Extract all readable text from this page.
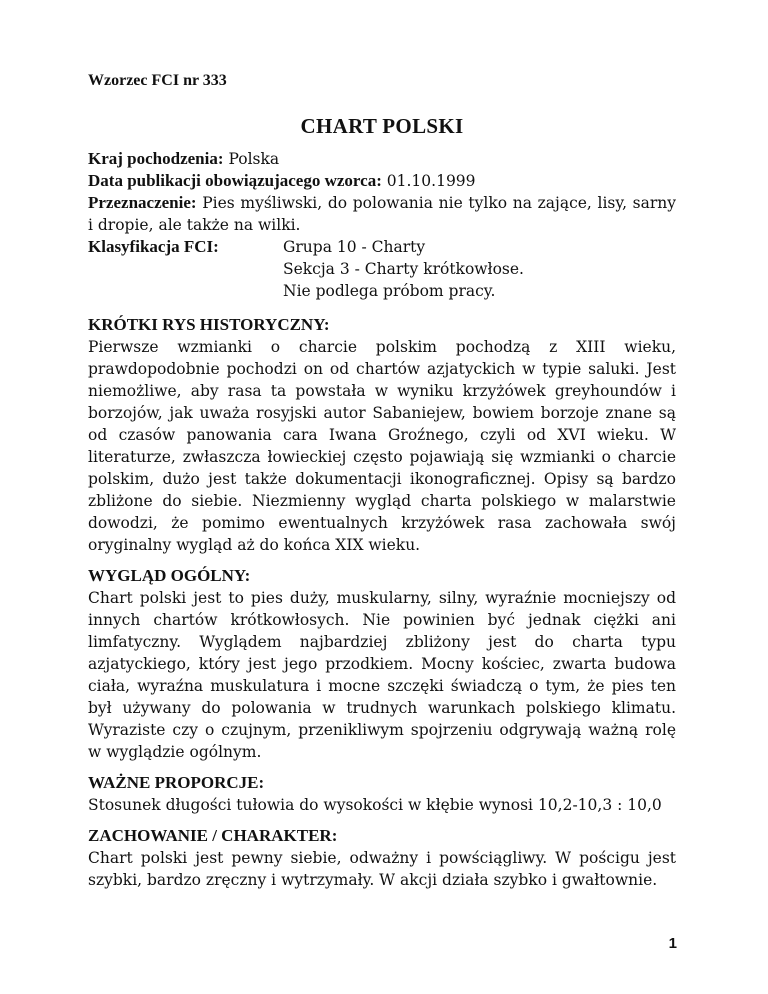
Wzorzec FCI nr 333
CHART POLSKI
Kraj pochodzenia: Polska
Data publikacji obowiązujacego wzorca: 01.10.1999
Przeznaczenie: Pies myśliwski, do polowania nie tylko na zające, lisy, sarny i dropie, ale także na wilki.
Klasyfikacja FCI:	Grupa 10 - Charty
Sekcja 3 - Charty krótkowłose.
Nie podlega próbom pracy.
KRÓTKI RYS HISTORYCZNY:
Pierwsze wzmianki o charcie polskim pochodzą z XIII wieku, prawdopodobnie pochodzi on od chartów azjatyckich w typie saluki. Jest niemożliwe, aby rasa ta powstała w wyniku krzyżówek greyhoundów i borzojów, jak uważa rosyjski autor Sabaniejew, bowiem borzoje znane są od czasów panowania cara Iwana Groźnego, czyli od XVI wieku. W literaturze, zwłaszcza łowieckiej często pojawiają się wzmianki o charcie polskim, dużo jest także dokumentacji ikonograficznej. Opisy są bardzo zbliżone do siebie. Niezmienny wygląd charta polskiego w malarstwie dowodzi, że pomimo ewentualnych krzyżówek rasa zachowała swój oryginalny wygląd aż do końca XIX wieku.
WYGLĄD OGÓLNY:
Chart polski jest to pies duży, muskularny, silny, wyraźnie mocniejszy od innych chartów krótkowłosych. Nie powinien być jednak ciężki ani limfatyczny. Wyglądem najbardziej zbliżony jest do charta typu azjatyckiego, który jest jego przodkiem. Mocny kościec, zwarta budowa ciała, wyraźna muskulatura i mocne szczęki świadczą o tym, że pies ten był używany do polowania w trudnych warunkach polskiego klimatu. Wyraziste czy o czujnym, przenikliwym spojrzeniu odgrywają ważną rolę w wyglądzie ogólnym.
WAŻNE PROPORCJE:
Stosunek długości tułowia do wysokości w kłębie wynosi 10,2-10,3 : 10,0
ZACHOWANIE / CHARAKTER:
Chart polski jest pewny siebie, odważny i powściągliwy. W pościgu jest szybki, bardzo zręczny i wytrzymały. W akcji działa szybko i gwałtownie.
1
